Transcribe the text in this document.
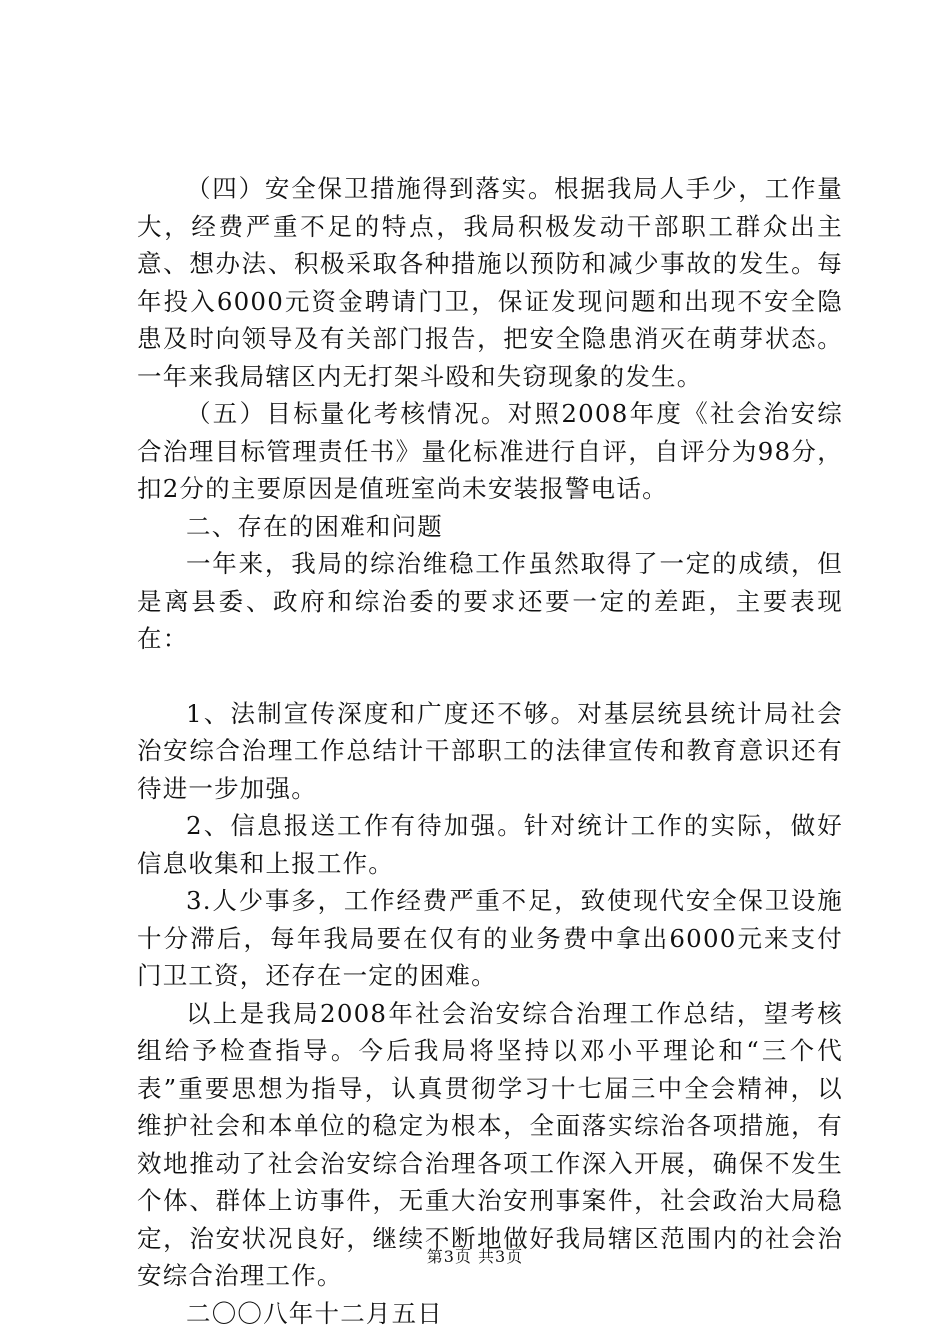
（四）安全保卫措施得到落实。根据我局人手少，工作量大，经费严重不足的特点，我局积极发动干部职工群众出主意、想办法、积极采取各种措施以预防和减少事故的发生。每年投入6000元资金聘请门卫，保证发现问题和出现不安全隐患及时向领导及有关部门报告，把安全隐患消灭在萌芽状态。一年来我局辖区内无打架斗殴和失窃现象的发生。

（五）目标量化考核情况。对照2008年度《社会治安综合治理目标管理责任书》量化标准进行自评，自评分为98分，扣2分的主要原因是值班室尚未安装报警电话。

二、存在的困难和问题

一年来，我局的综治维稳工作虽然取得了一定的成绩，但是离县委、政府和综治委的要求还要一定的差距，主要表现在：

1、法制宣传深度和广度还不够。对基层统县统计局社会治安综合治理工作总结计干部职工的法律宣传和教育意识还有待进一步加强。

2、信息报送工作有待加强。针对统计工作的实际，做好信息收集和上报工作。

3.人少事多，工作经费严重不足，致使现代安全保卫设施十分滞后，每年我局要在仅有的业务费中拿出6000元来支付门卫工资，还存在一定的困难。

以上是我局2008年社会治安综合治理工作总结，望考核组给予检查指导。今后我局将坚持以邓小平理论和“三个代表”重要思想为指导，认真贯彻学习十七届三中全会精神，以维护社会和本单位的稳定为根本，全面落实综治各项措施，有效地推动了社会治安综合治理各项工作深入开展，确保不发生个体、群体上访事件，无重大治安刑事案件，社会政治大局稳定，治安状况良好，继续不断地做好我局辖区范围内的社会治安综合治理工作。

二〇〇八年十二月五日

第3页 共3页
